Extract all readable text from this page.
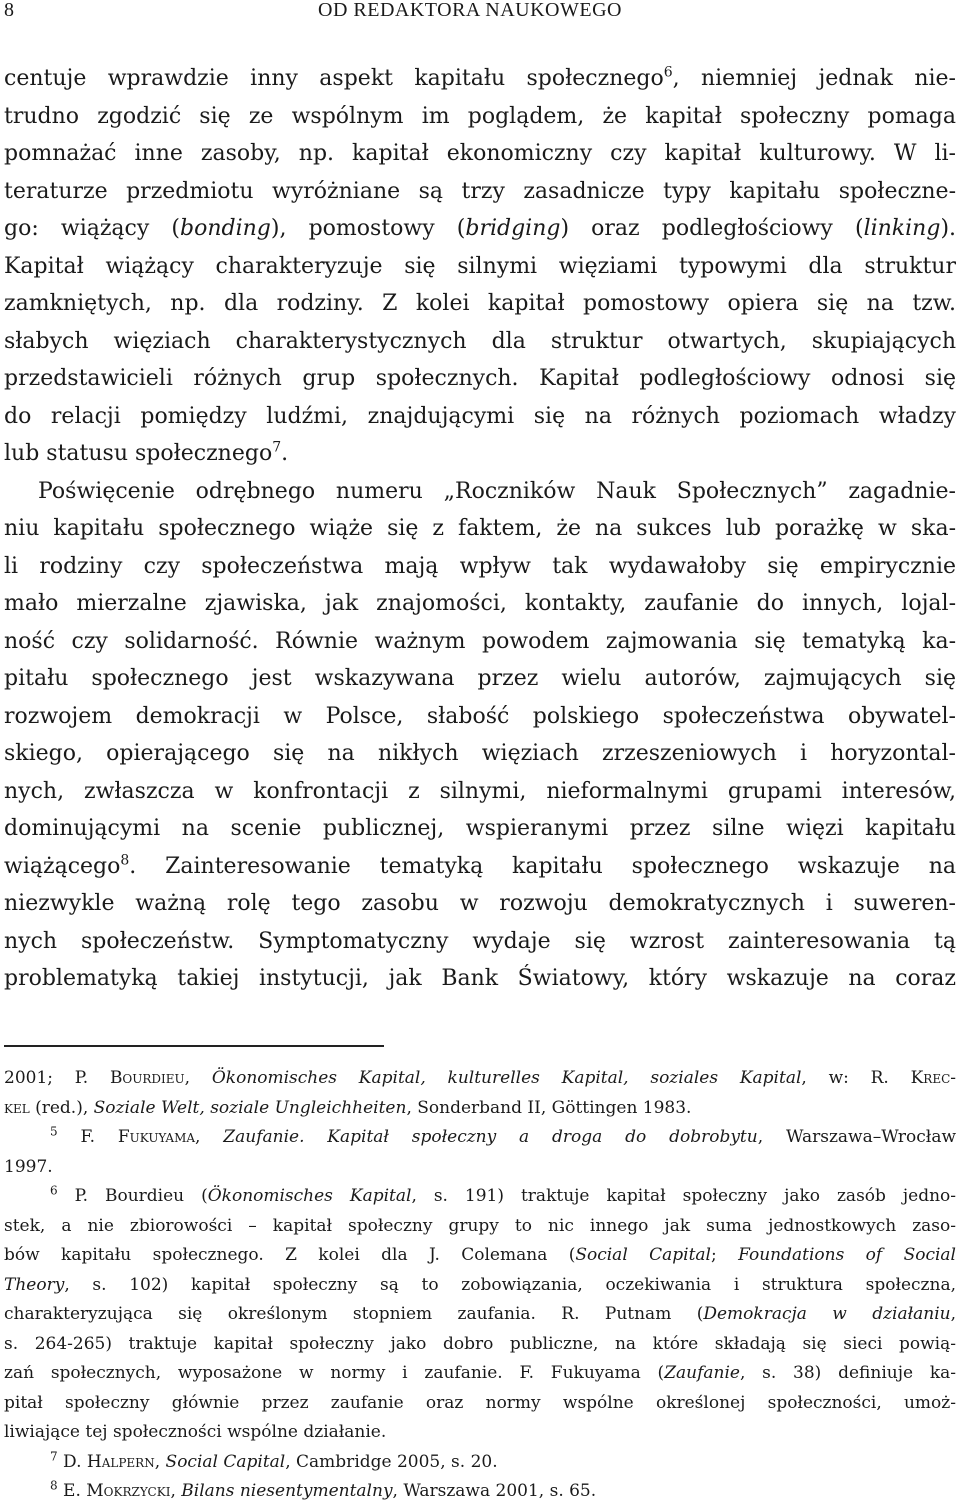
8	OD REDAKTORA NAUKOWEGO
centuje wprawdzie inny aspekt kapitału społecznego$^6$, niemniej jednak nie-
trudno zgodzić się ze wspólnym im poglądem, że kapitał społeczny pomaga
pomnażać inne zasoby, np. kapitał ekonomiczny czy kapitał kulturowy. W li-
teraturze przedmiotu wyróżniane są trzy zasadnicze typy kapitału społeczne-
go: wiążący (bonding), pomostowy (bridging) oraz podległościowy (linking).
Kapitał wiążący charakteryzuje się silnymi więziami typowymi dla struktur
zamkniętych, np. dla rodziny. Z kolei kapitał pomostowy opiera się na tzw.
słabych więziach charakterystycznych dla struktur otwartych, skupiających
przedstawicieli różnych grup społecznych. Kapitał podległościowy odnosi się
do relacji pomiędzy ludźmi, znajdującymi się na różnych poziomach władzy
lub statusu społecznego$^7$.
Poświęcenie odrębnego numeru „Roczników Nauk Społecznych” zagadnie-
niu kapitału społecznego wiąże się z faktem, że na sukces lub porażkę w ska-
li rodziny czy społeczeństwa mają wpływ tak wydawałoby się empirycznie
mało mierzalne zjawiska, jak znajomości, kontakty, zaufanie do innych, lojal-
ność czy solidarność. Równie ważnym powodem zajmowania się tematyką ka-
pitału społecznego jest wskazywana przez wielu autorów, zajmujących się
rozwojem demokracji w Polsce, słabość polskiego społeczeństwa obywatel-
skiego, opierającego się na nikłych więziach zrzeszeniowych i horyzontal-
nych, zwłaszcza w konfrontacji z silnymi, nieformalnymi grupami interesów,
dominującymi na scenie publicznej, wspieranymi przez silne więzi kapitału
wiążącego$^8$. Zainteresowanie tematyką kapitału społecznego wskazuje na
niezwykle ważną rolę tego zasobu w rozwoju demokratycznych i suweren-
nych społeczeństw. Symptomatyczny wydaje się wzrost zainteresowania tą
problematyką takiej instytucji, jak Bank Światowy, który wskazuje na coraz
2001; P. Bourdieu, Ökonomisches Kapital, kulturelles Kapital, soziales Kapital, w: R. Kreс-
kel (red.), Soziale Welt, soziale Ungleichheiten, Sonderband II, Göttingen 1983.
$^5$ F. Fukuyama, Zaufanie. Kapitał społeczny a droga do dobrobytu, Warszawa–Wrocław
1997.
$^6$ P. Bourdieu (Ökonomisches Kapital, s. 191) traktuje kapitał społeczny jako zasób jedno-
stek, a nie zbiorowości – kapitał społeczny grupy to nic innego jak suma jednostkowych zaso-
bów kapitału społecznego. Z kolei dla J. Colemana (Social Capital; Foundations of Social
Theory, s. 102) kapitał społeczny są to zobowiązania, oczekiwania i struktura społeczna,
charakteryzująca się określonym stopniem zaufania. R. Putnam (Demokracja w działaniu,
s. 264-265) traktuje kapitał społeczny jako dobro publiczne, na które składają się sieci powią-
zań społecznych, wyposażone w normy i zaufanie. F. Fukuyama (Zaufanie, s. 38) definiuje ka-
pitał społeczny głównie przez zaufanie oraz normy wspólne określonej społeczności, umoż-
liwiające tej społeczności wspólne działanie.
$^7$ D. Halpern, Social Capital, Cambridge 2005, s. 20.
$^8$ E. Mokrzycki, Bilans niesentymentalny, Warszawa 2001, s. 65.
